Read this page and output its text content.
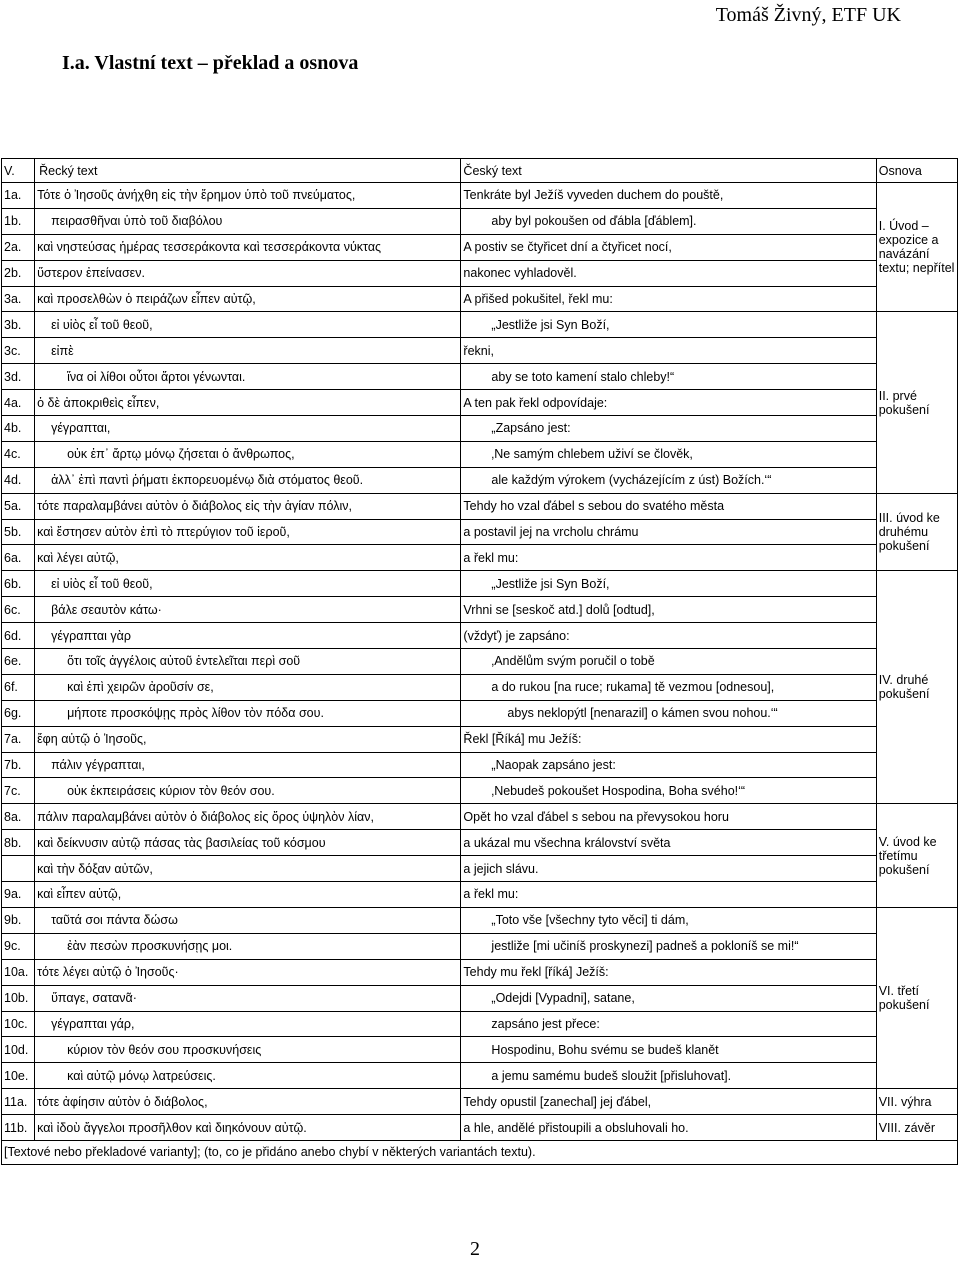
Tomáš Živný, ETF UK
I.a. Vlastní text – překlad a osnova
V.	Řecký text	Český text	Osnova
1a.	Τότε ὁ Ἰησοῦς ἀνήχθη εἰς τὴν ἔρημον ὑπὸ τοῦ πνεύματος,	Tenkráte byl Ježíš vyveden duchem do pouště,	I. Úvod – expozice a navázání textu; nepřítel
1b.	πειρασθῆναι ὑπὸ τοῦ διαβόλου	aby byl pokoušen od ďábla [ďáblem].	
2a.	καὶ νηστεύσας ἡμέρας τεσσεράκοντα καὶ τεσσεράκοντα νύκτας	A postiv se čtyřicet dní a čtyřicet nocí,	
2b.	ὕστερον ἐπείνασεν.	nakonec vyhladověl.	
3a.	καὶ προσελθὼν ὁ πειράζων εἶπεν αὐτῷ,	A přišed pokušitel, řekl mu:	
3b.	εἰ υἱὸς εἶ τοῦ θεοῦ,	„Jestliže jsi Syn Boží,	II. prvé pokušení
3c.	εἰπὲ	řekni,	
3d.	ἵνα οἱ λίθοι οὗτοι ἄρτοι γένωνται.	aby se toto kamení stalo chleby!“	
4a.	ὁ δὲ ἀποκριθεὶς εἶπεν,	A ten pak řekl odpovídaje:	
4b.	γέγραπται,	„Zapsáno jest:	
4c.	οὐκ ἐπ᾽ ἄρτῳ μόνῳ ζήσεται ὁ ἄνθρωπος,	‚Ne samým chlebem uživí se člověk,	
4d.	ἀλλ᾽ ἐπὶ παντὶ ῥήματι ἐκπορευομένῳ διὰ στόματος θεοῦ.	ale každým výrokem (vycházejícím z úst) Božích.‘“	
5a.	τότε παραλαμβάνει αὐτὸν ὁ διάβολος εἰς τὴν ἁγίαν πόλιν,	Tehdy ho vzal ďábel s sebou do svatého města	III. úvod ke druhému pokušení
5b.	καὶ ἔστησεν αὐτὸν ἐπὶ τὸ πτερύγιον τοῦ ἱεροῦ,	a postavil jej na vrcholu chrámu	
6a.	καὶ λέγει αὐτῷ,	a řekl mu:	
6b.	εἰ υἱὸς εἶ τοῦ θεοῦ,	„Jestliže jsi Syn Boží,	IV. druhé pokušení
6c.	βάλε σεαυτὸν κάτω·	Vrhni se [seskoč atd.] dolů [odtud],	
6d.	γέγραπται γὰρ	(vždyť) je zapsáno:	
6e.	ὅτι τοῖς ἀγγέλοις αὐτοῦ ἐντελεῖται περὶ σοῦ	‚Andělům svým poručil o tobě	
6f.	καὶ ἐπὶ χειρῶν ἀροῦσίν σε,	a do rukou [na ruce; rukama] tě vezmou [odnesou],	
6g.	μήποτε προσκόψῃς πρὸς λίθον τὸν πόδα σου.	abys neklopýtl [nenarazil] o kámen svou nohou.‘“	
7a.	ἔφη αὐτῷ ὁ Ἰησοῦς,	Řekl [Říká] mu Ježíš:	
7b.	πάλιν γέγραπται,	„Naopak zapsáno jest:	
7c.	οὐκ ἐκπειράσεις κύριον τὸν θεόν σου.	‚Nebudeš pokoušet Hospodina, Boha svého!‘“	
8a.	πάλιν παραλαμβάνει αὐτὸν ὁ διάβολος εἰς ὄρος ὑψηλὸν λίαν,	Opět ho vzal ďábel s sebou na převysokou horu	V. úvod ke třetímu pokušení
8b.	καὶ δείκνυσιν αὐτῷ πάσας τὰς βασιλείας τοῦ κόσμου	a ukázal mu všechna království světa	
	καὶ τὴν δόξαν αὐτῶν,	a jejich slávu.	
9a.	καὶ εἶπεν αὐτῷ,	a řekl mu:	
9b.	ταῦτά σοι πάντα δώσω	„Toto vše [všechny tyto věci] ti dám,	VI. třetí pokušení
9c.	ἐὰν πεσὼν προσκυνήσῃς μοι.	jestliže [mi učiníš proskynezi] padneš a pokloníš se mi!“	
10a.	τότε λέγει αὐτῷ ὁ Ἰησοῦς·	Tehdy mu řekl [říká] Ježíš:	
10b.	ὕπαγε, σατανᾶ·	„Odejdi [Vypadni], satane,	
10c.	γέγραπται γάρ,	zapsáno jest přece:	
10d.	κύριον τὸν θεόν σου προσκυνήσεις	Hospodinu, Bohu svému se budeš klanět	
10e.	καὶ αὐτῷ μόνῳ λατρεύσεις.	a jemu samému budeš sloužit [přisluhovat].	
11a.	τότε ἀφίησιν αὐτὸν ὁ διάβολος,	Tehdy opustil [zanechal] jej ďábel,	VII. výhra
11b.	καὶ ἰδοὺ ἄγγελοι προσῆλθον καὶ διηκόνουν αὐτῷ.	a hle, andělé přistoupili a obsluhovali ho.	VIII. závěr
[Textové nebo překladové varianty]; (to, co je přidáno anebo chybí v některých variantách textu).			
2
